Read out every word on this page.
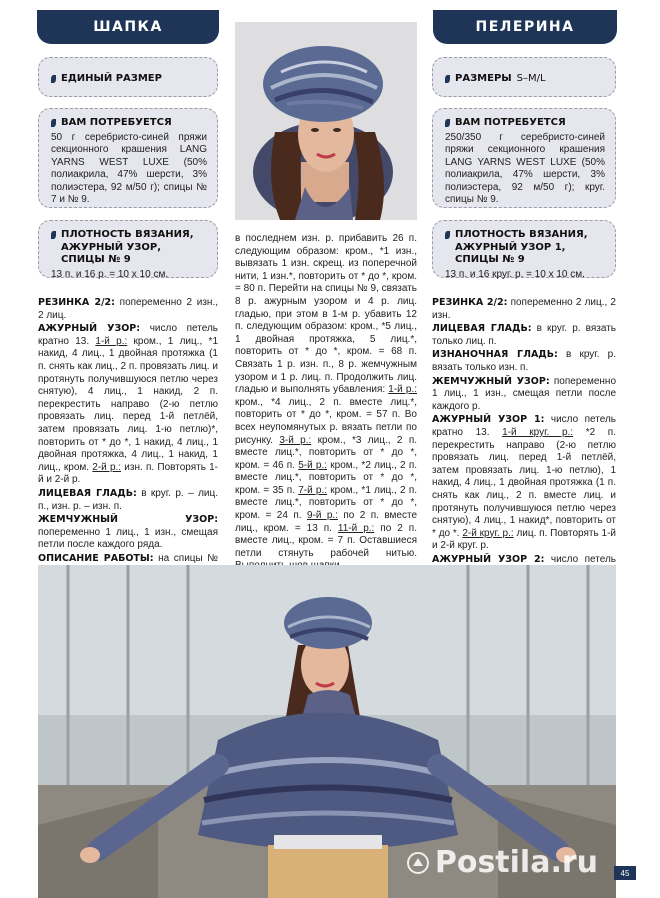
ШАПКА	ПЕЛЕРИНА
ЕДИНЫЙ РАЗМЕР
ВАМ ПОТРЕБУЕТСЯ

50 г серебристо-синей пряжи секционного крашения LANG YARNS WEST LUXE (50% полиакрила, 47% шерсти, 3% полиэстера, 92 м/50 г); спицы № 7 и № 9.

ПЛОТНОСТЬ ВЯЗАНИЯ, АЖУРНЫЙ УЗОР, СПИЦЫ № 9

13 п. и 16 р. = 10 х 10 см.

РАЗМЕРЫ S–M/L
ВАМ ПОТРЕБУЕТСЯ

250/350 г серебристо-синей пряжи секционного крашения LANG YARNS WEST LUXE (50% полиакрила, 47% шерсти, 3% полиэстера, 92 м/50 г); круг. спицы № 9.

ПЛОТНОСТЬ ВЯЗАНИЯ, АЖУРНЫЙ УЗОР 1, СПИЦЫ № 9

13 п. и 16 круг. р. = 10 х 10 см.

РЕЗИНКА 2/2: попеременно 2 изн., 2 лиц.

АЖУРНЫЙ УЗОР: число петель кратно 13. 1-й р.: кром., 1 лиц., *1 накид, 4 лиц., 1 двойная протяжка (1 п. снять как лиц., 2 п. провязать лиц. и протянуть получившуюся петлю через снятую), 4 лиц., 1 накид, 2 п. перекрестить направо (2-ю петлю провязать лиц. перед 1-й петлёй, затем провязать лиц. 1-ю петлю)*, повторить от * до *, 1 накид, 4 лиц., 1 двойная протяжка, 4 лиц., 1 накид, 1 лиц., кром. 2-й р.: изн. п. Повторять 1-й и 2-й р.

ЛИЦЕВАЯ ГЛАДЬ: в круг. р. – лиц. п., изн. р. – изн. п.

ЖЕМЧУЖНЫЙ УЗОР: попеременно 1 лиц., 1 изн., смещая петли после каждого ряда.

ОПИСАНИЕ РАБОТЫ: на спицы №

в последнем изн. р. прибавить 26 п. следующим образом: кром., *1 изн., вывязать 1 изн. скрещ. из поперечной нити, 1 изн.*, повторить от * до *, кром. = 80 п. Перейти на спицы № 9, связать 8 р. ажурным узором и 4 р. лиц. гладью, при этом в 1-м р. убавить 12 п. следующим образом: кром., *5 лиц., 1 двойная протяжка, 5 лиц.*, повторить от * до *, кром. = 68 п. Связать 1 р. изн. п., 8 р. жемчужным узором и 1 р. лиц. п. Продолжить лиц. гладью и выполнять убавления: 1-й р.: кром., *4 лиц., 2 п. вместе лиц.*, повторить от * до *, кром. = 57 п. Во всех неупомянутых р. вязать петли по рисунку. 3-й р.: кром., *3 лиц., 2 п. вместе лиц.*, повторить от * до *, кром. = 46 п. 5-й р.: кром., *2 лиц., 2 п. вместе лиц.*, повторить от * до *, кром. = 35 п. 7-й р.: кром., *1 лиц., 2 п. вместе лиц.*, повторить от * до *, кром. = 24 п. 9-й р.: по 2 п. вместе лиц., кром. = 13 п. 11-й р.: по 2 п. вместе лиц., кром. = 7 п. Оставшиеся петли стянуть рабочей нитью.

РЕЗИНКА 2/2: попеременно 2 лиц., 2 изн.

ЛИЦЕВАЯ ГЛАДЬ: в круг. р. вязать только лиц. п.

ИЗНАНОЧНАЯ ГЛАДЬ: в круг. р. вязать только изн. п.

ЖЕМЧУЖНЫЙ УЗОР: попеременно 1 лиц., 1 изн., смещая петли после каждого р.

АЖУРНЫЙ УЗОР 1: число петель кратно 13. 1-й круг. р.: *2 п. перекрестить направо (2-ю петлю провязать лиц. перед 1-й петлёй, затем провязать лиц. 1-ю петлю), 1 накид, 4 лиц., 1 двойная протяжка (1 п. снять как лиц., 2 п. вместе лиц. и протянуть получившуюся петлю через снятую), 4 лиц., 1 накид*, повторить от * до *. 2-й круг. р.: лиц. п. Повторять 1-й и 2-й круг. р.

АЖУРНЫЙ УЗОР 2: число петель

Postila.ru	45
